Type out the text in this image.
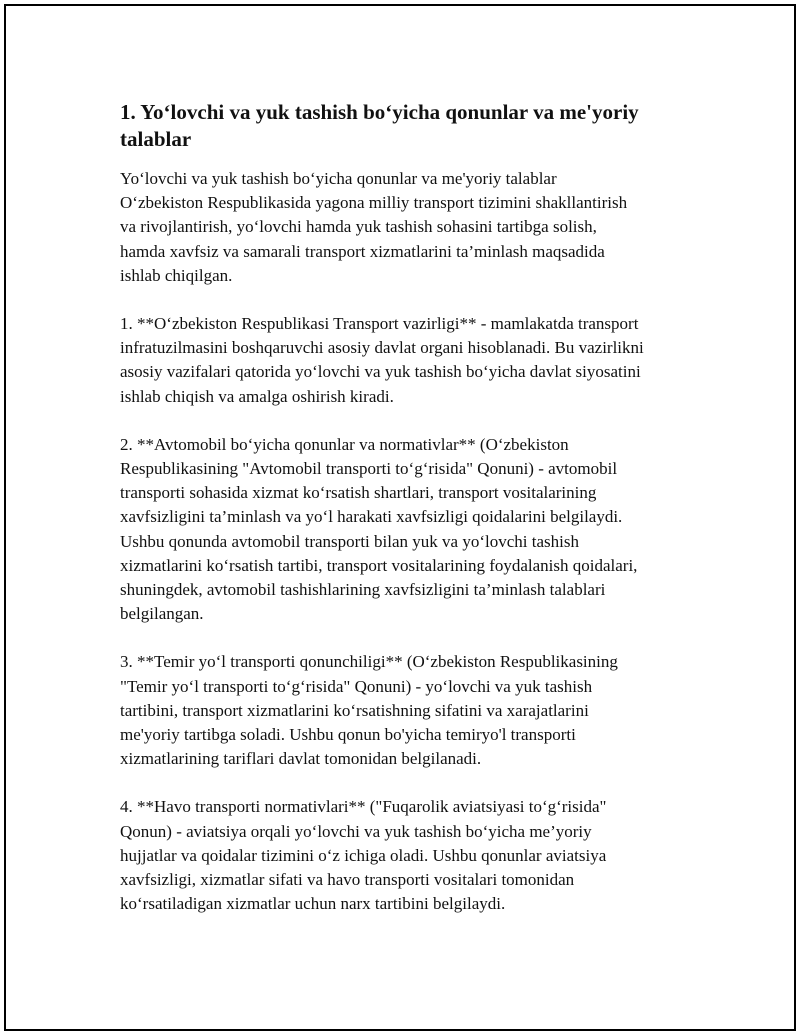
1. Yo‘lovchi va yuk tashish bo‘yicha qonunlar va me'yoriy talablar

Yo‘lovchi va yuk tashish bo‘yicha qonunlar va me'yoriy talablar
O‘zbekiston Respublikasida yagona milliy transport tizimini shakllantirish
va rivojlantirish, yo‘lovchi hamda yuk tashish sohasini tartibga solish,
hamda xavfsiz va samarali transport xizmatlarini ta’minlash maqsadida
ishlab chiqilgan.

1. **O‘zbekiston Respublikasi Transport vazirligi** - mamlakatda transport
infratuzilmasini boshqaruvchi asosiy davlat organi hisoblanadi. Bu vazirlikni
asosiy vazifalari qatorida yo‘lovchi va yuk tashish bo‘yicha davlat siyosatini
ishlab chiqish va amalga oshirish kiradi.

2. **Avtomobil bo‘yicha qonunlar va normativlar** (O‘zbekiston
Respublikasining "Avtomobil transporti to‘g‘risida" Qonuni) - avtomobil
transporti sohasida xizmat ko‘rsatish shartlari, transport vositalarining
xavfsizligini ta’minlash va yo‘l harakati xavfsizligi qoidalarini belgilaydi.
Ushbu qonunda avtomobil transporti bilan yuk va yo‘lovchi tashish
xizmatlarini ko‘rsatish tartibi, transport vositalarining foydalanish qoidalari,
shuningdek, avtomobil tashishlarining xavfsizligini ta’minlash talablari
belgilangan.

3. **Temir yo‘l transporti qonunchiligi** (O‘zbekiston Respublikasining
"Temir yo‘l transporti to‘g‘risida" Qonuni) - yo‘lovchi va yuk tashish
tartibini, transport xizmatlarini ko‘rsatishning sifatini va xarajatlarini
me'yoriy tartibga soladi. Ushbu qonun bo'yicha temiryo'l transporti
xizmatlarining tariflari davlat tomonidan belgilanadi.

4. **Havo transporti normativlari** ("Fuqarolik aviatsiyasi to‘g‘risida"
Qonun) - aviatsiya orqali yo‘lovchi va yuk tashish bo‘yicha me’yoriy
hujjatlar va qoidalar tizimini o‘z ichiga oladi. Ushbu qonunlar aviatsiya
xavfsizligi, xizmatlar sifati va havo transporti vositalari tomonidan
ko‘rsatiladigan xizmatlar uchun narx tartibini belgilaydi.
